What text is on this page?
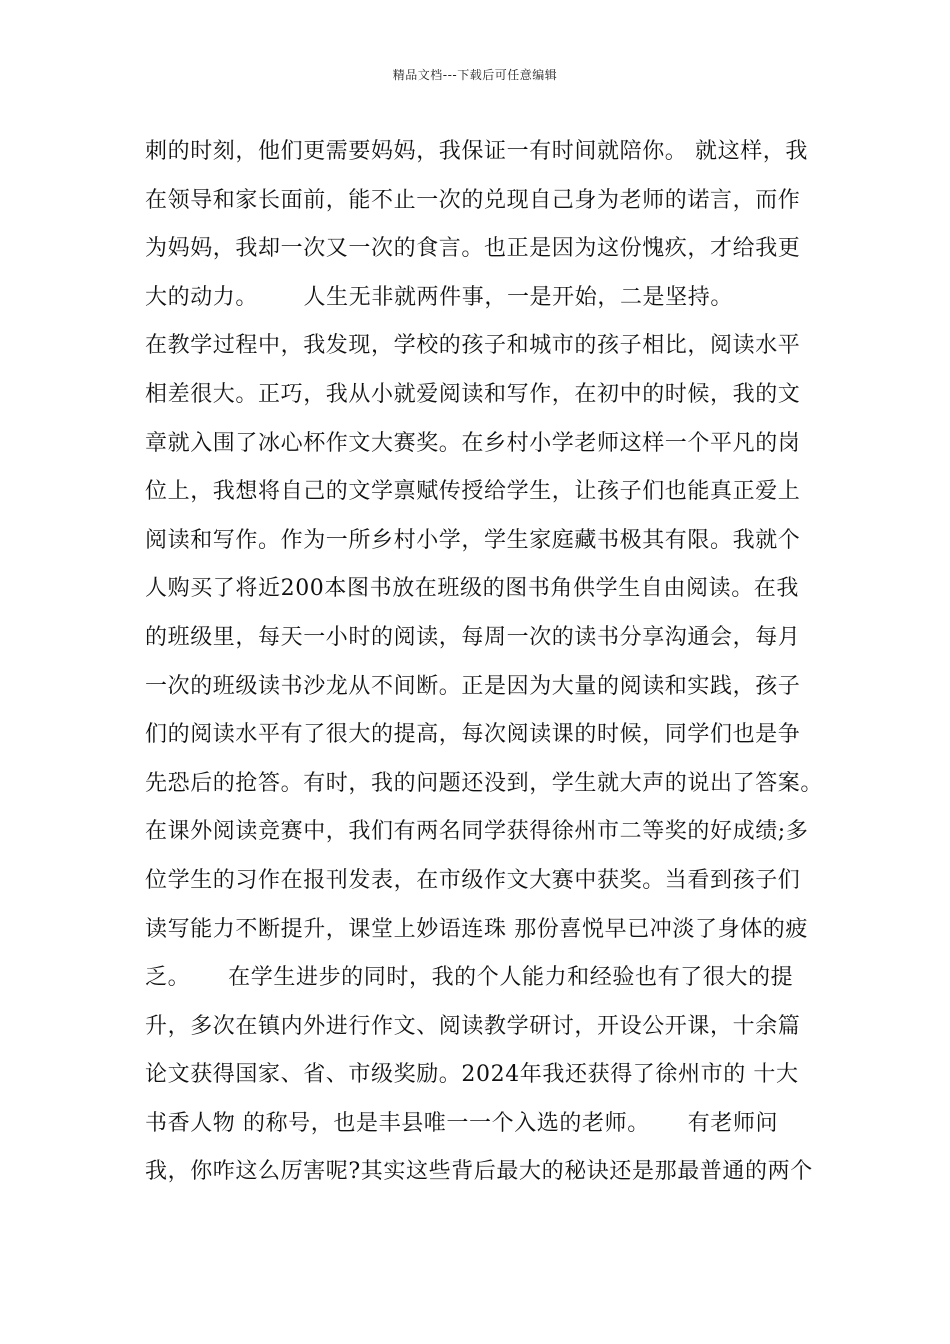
精品文档---下载后可任意编辑
刺的时刻，他们更需要妈妈，我保证一有时间就陪你。 就这样，我
在领导和家长面前，能不止一次的兑现自己身为老师的诺言，而作
为妈妈，我却一次又一次的食言。也正是因为这份愧疚，才给我更
大的动力。      人生无非就两件事，一是开始，二是坚持。
在教学过程中，我发现，学校的孩子和城市的孩子相比，阅读水平
相差很大。正巧，我从小就爱阅读和写作，在初中的时候，我的文
章就入围了冰心杯作文大赛奖。在乡村小学老师这样一个平凡的岗
位上，我想将自己的文学禀赋传授给学生，让孩子们也能真正爱上
阅读和写作。作为一所乡村小学，学生家庭藏书极其有限。我就个
人购买了将近200本图书放在班级的图书角供学生自由阅读。在我
的班级里，每天一小时的阅读，每周一次的读书分享沟通会，每月
一次的班级读书沙龙从不间断。正是因为大量的阅读和实践，孩子
们的阅读水平有了很大的提高，每次阅读课的时候，同学们也是争
先恐后的抢答。有时，我的问题还没到，学生就大声的说出了答案。
在课外阅读竞赛中，我们有两名同学获得徐州市二等奖的好成绩;多
位学生的习作在报刊发表，在市级作文大赛中获奖。当看到孩子们
读写能力不断提升，课堂上妙语连珠 那份喜悦早已冲淡了身体的疲
乏。     在学生进步的同时，我的个人能力和经验也有了很大的提
升，多次在镇内外进行作文、阅读教学研讨，开设公开课，十余篇
论文获得国家、省、市级奖励。2024年我还获得了徐州市的 十大
书香人物 的称号，也是丰县唯一一个入选的老师。     有老师问
我，你咋这么厉害呢?其实这些背后最大的秘诀还是那最普通的两个
